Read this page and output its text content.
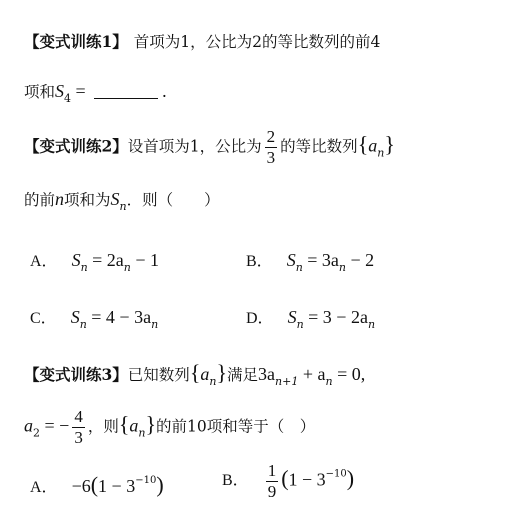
【变式训练1】 首项为1，公比为2的等比数列的前4
项和$S_4$ =	.
【变式训练2】设首项为1，公比为 $\frac{2}{3}$ 的等比数列$\{a_n\}$
的前n项和为$S_n$．则（　　）
A． $S_n = 2a_n - 1$	B． $S_n = 3a_n - 2$
C． $S_n = 4 - 3a_n$	D． $S_n = 3 - 2a_n$
【变式训练3】已知数列$\{a_n\}$满足$3a_{n+1} + a_n = 0$,
$a_2$ = − $\frac{4}{3}$ ，则$\{a_n\}$的前10项和等于（　）
A． $-6(1 - 3^{-10})$	B． $\frac{1}{9} (1 - 3^{-10})$
